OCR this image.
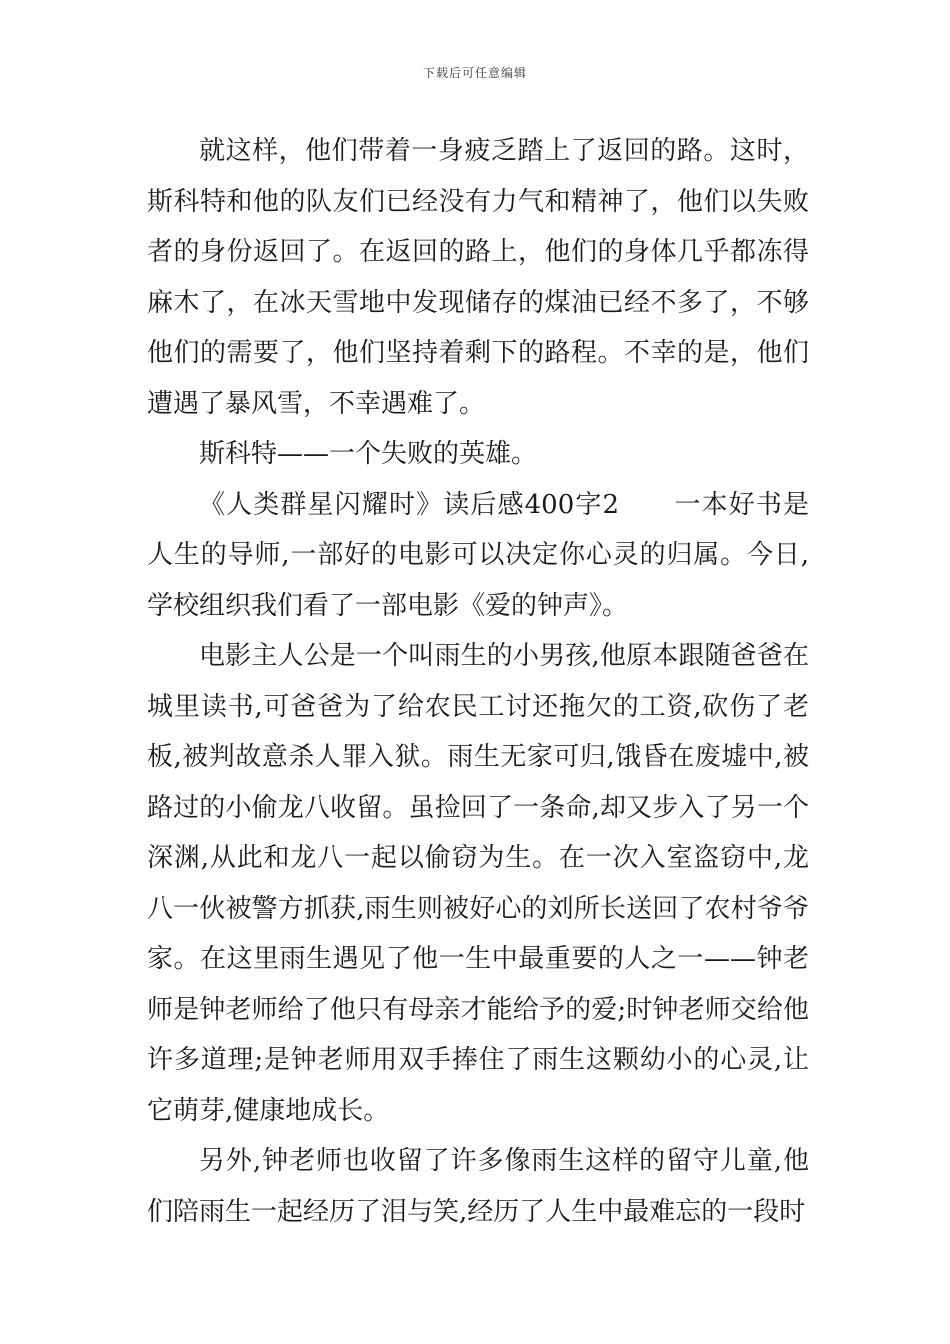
下载后可任意编辑

就这样，他们带着一身疲乏踏上了返回的路。这时，斯科特和他的队友们已经没有力气和精神了，他们以失败者的身份返回了。在返回的路上，他们的身体几乎都冻得麻木了，在冰天雪地中发现储存的煤油已经不多了，不够他们的需要了，他们坚持着剩下的路程。不幸的是，他们遭遇了暴风雪，不幸遇难了。

斯科特——一个失败的英雄。

《人类群星闪耀时》读后感400字2　　一本好书是人生的导师,一部好的电影可以决定你心灵的归属。今日,学校组织我们看了一部电影《爱的钟声》。

电影主人公是一个叫雨生的小男孩,他原本跟随爸爸在城里读书,可爸爸为了给农民工讨还拖欠的工资,砍伤了老板,被判故意杀人罪入狱。雨生无家可归,饿昏在废墟中,被路过的小偷龙八收留。虽捡回了一条命,却又步入了另一个深渊,从此和龙八一起以偷窃为生。在一次入室盗窃中,龙八一伙被警方抓获,雨生则被好心的刘所长送回了农村爷爷家。在这里雨生遇见了他一生中最重要的人之一——钟老师是钟老师给了他只有母亲才能给予的爱;时钟老师交给他许多道理;是钟老师用双手捧住了雨生这颗幼小的心灵,让它萌芽,健康地成长。

另外,钟老师也收留了许多像雨生这样的留守儿童,他们陪雨生一起经历了泪与笑,经历了人生中最难忘的一段时
